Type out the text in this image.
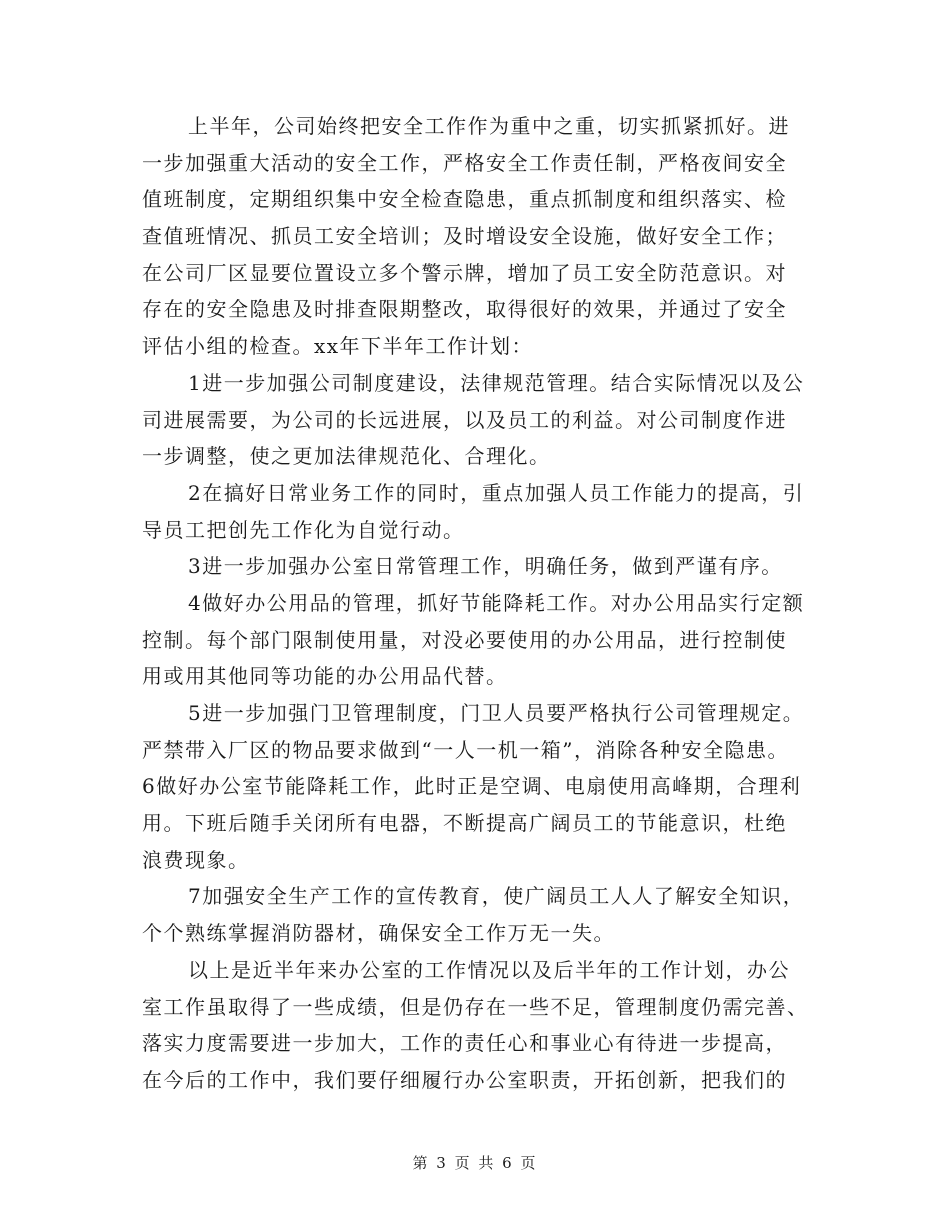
上半年，公司始终把安全工作作为重中之重，切实抓紧抓好。进
一步加强重大活动的安全工作，严格安全工作责任制，严格夜间安全
值班制度，定期组织集中安全检查隐患，重点抓制度和组织落实、检
查值班情况、抓员工安全培训；及时增设安全设施，做好安全工作；
在公司厂区显要位置设立多个警示牌，增加了员工安全防范意识。对
存在的安全隐患及时排查限期整改，取得很好的效果，并通过了安全
评估小组的检查。xx年下半年工作计划：
1进一步加强公司制度建设，法律规范管理。结合实际情况以及公
司进展需要，为公司的长远进展，以及员工的利益。对公司制度作进
一步调整，使之更加法律规范化、合理化。
2在搞好日常业务工作的同时，重点加强人员工作能力的提高，引
导员工把创先工作化为自觉行动。
3进一步加强办公室日常管理工作，明确任务，做到严谨有序。
4做好办公用品的管理，抓好节能降耗工作。对办公用品实行定额
控制。每个部门限制使用量，对没必要使用的办公用品，进行控制使
用或用其他同等功能的办公用品代替。
5进一步加强门卫管理制度，门卫人员要严格执行公司管理规定。
严禁带入厂区的物品要求做到“一人一机一箱”，消除各种安全隐患。
6做好办公室节能降耗工作，此时正是空调、电扇使用高峰期，合理利
用。下班后随手关闭所有电器，不断提高广阔员工的节能意识，杜绝
浪费现象。
7加强安全生产工作的宣传教育，使广阔员工人人了解安全知识，
个个熟练掌握消防器材，确保安全工作万无一失。
以上是近半年来办公室的工作情况以及后半年的工作计划，办公
室工作虽取得了一些成绩，但是仍存在一些不足，管理制度仍需完善、
落实力度需要进一步加大，工作的责任心和事业心有待进一步提高，
在今后的工作中，我们要仔细履行办公室职责，开拓创新，把我们的
第 3 页 共 6 页
